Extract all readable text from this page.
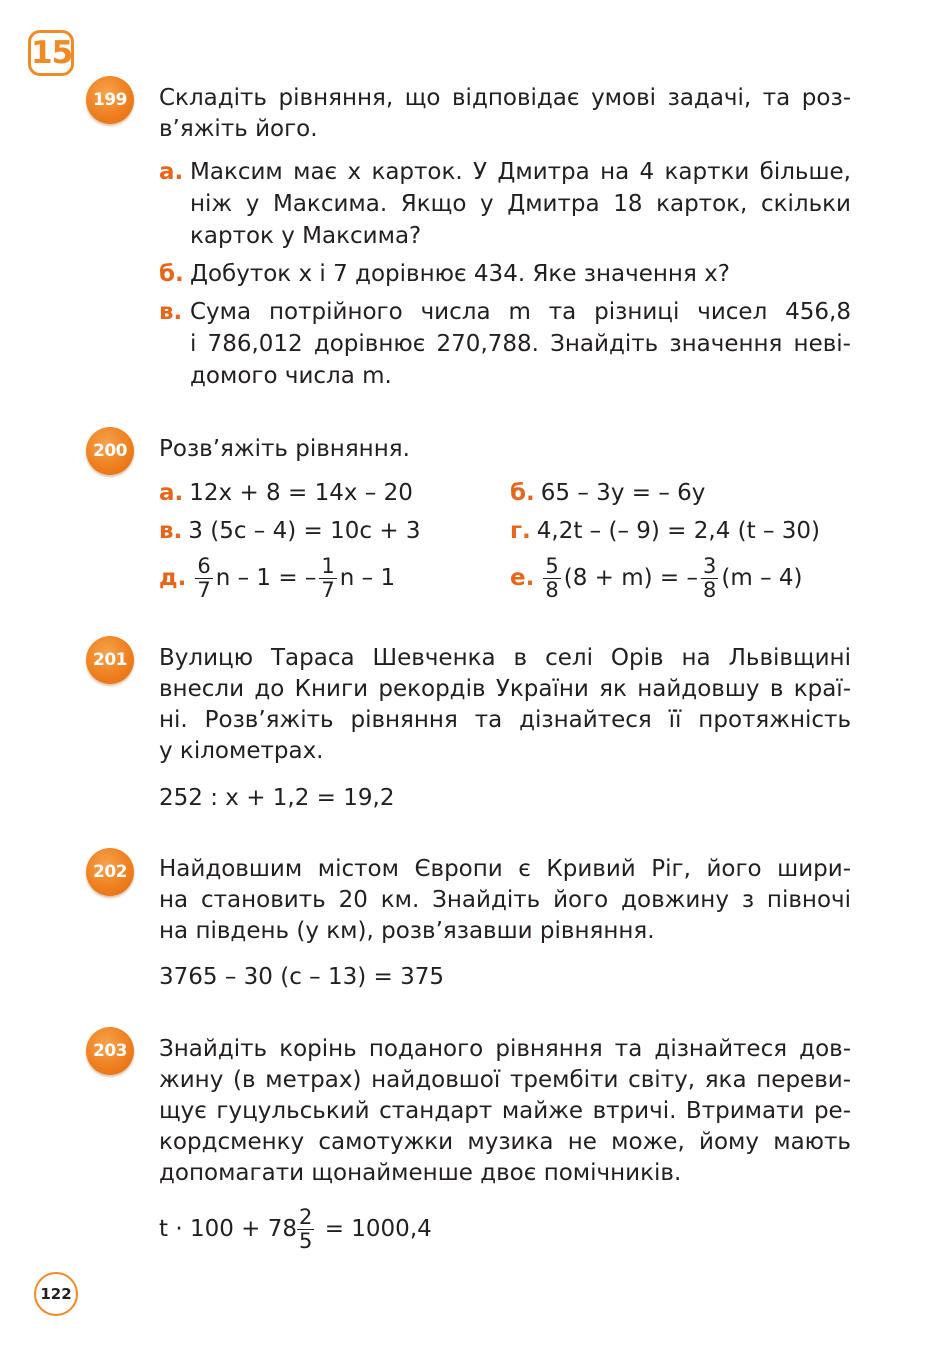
15
199	Складіть рівняння, що відповідає умові задачі, та роз-
в’яжіть його.
а. Максим має x карток. У Дмитра на 4 картки більше,
ніж у Максима. Якщо у Дмитра 18 карток, скільки
карток у Максима?
б. Добуток x і 7 дорівнює 434. Яке значення x?
в. Сума потрійного числа m та різниці чисел 456,8
і 786,012 дорівнює 270,788. Знайдіть значення неві-
домого числа m.
200	Розв’яжіть рівняння.
а. 12x + 8 = 14x – 20	б. 65 – 3y = – 6y
в. 3 (5c – 4) = 10c + 3	г. 4,2t – (– 9) = 2,4 (t – 30)
д. $\frac{6}{7}$ n – 1 = – $\frac{1}{7}$ n – 1	е. $\frac{5}{8} (8 + m)$ = – $\frac{3}{8} (m - 4)$
201	Вулицю Тараса Шевченка в селі Орів на Львівщині
внесли до Книги рекордів України як найдовшу в краї-
ні. Розв’яжіть рівняння та дізнайтеся її протяжність
у кілометрах.
252 : x + 1,2 = 19,2
202	Найдовшим містом Європи є Кривий Ріг, його шири-
на становить 20 км. Знайдіть його довжину з півночі
на південь (у км), розв’язавши рівняння.
3765 – 30 (c – 13) = 375
203	Знайдіть корінь поданого рівняння та дізнайтеся дов-
жину (в метрах) найдовшої трембіти світу, яка переви-
щує гуцульський стандарт майже втричі. Втримати ре-
кордсменку самотужки музика не може, йому мають
допомагати щонайменше двоє помічників.
$t \cdot 100 + 78 \frac{2}{5} = 1000,4$
122
